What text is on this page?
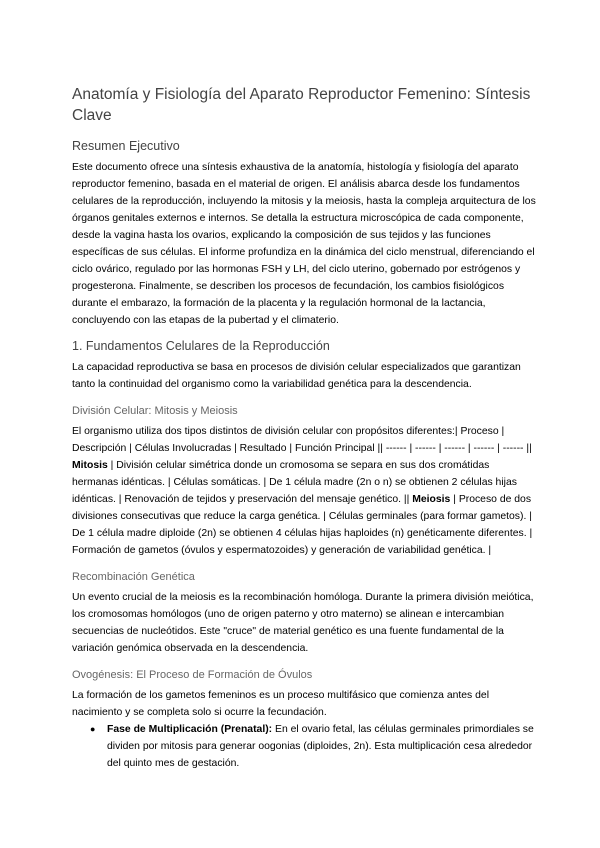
Anatomía y Fisiología del Aparato Reproductor Femenino: Síntesis Clave
Resumen Ejecutivo

Este documento ofrece una síntesis exhaustiva de la anatomía, histología y fisiología del aparato reproductor femenino, basada en el material de origen. El análisis abarca desde los fundamentos celulares de la reproducción, incluyendo la mitosis y la meiosis, hasta la compleja arquitectura de los órganos genitales externos e internos. Se detalla la estructura microscópica de cada componente, desde la vagina hasta los ovarios, explicando la composición de sus tejidos y las funciones específicas de sus células. El informe profundiza en la dinámica del ciclo menstrual, diferenciando el ciclo ovárico, regulado por las hormonas FSH y LH, del ciclo uterino, gobernado por estrógenos y progesterona. Finalmente, se describen los procesos de fecundación, los cambios fisiológicos durante el embarazo, la formación de la placenta y la regulación hormonal de la lactancia, concluyendo con las etapas de la pubertad y el climaterio.

1. Fundamentos Celulares de la Reproducción

La capacidad reproductiva se basa en procesos de división celular especializados que garantizan tanto la continuidad del organismo como la variabilidad genética para la descendencia.

División Celular: Mitosis y Meiosis

El organismo utiliza dos tipos distintos de división celular con propósitos diferentes:| Proceso | Descripción | Células Involucradas | Resultado | Función Principal || ------ | ------ | ------ | ------ | ------ || Mitosis | División celular simétrica donde un cromosoma se separa en sus dos cromátidas hermanas idénticas. | Células somáticas. | De 1 célula madre (2n o n) se obtienen 2 células hijas idénticas. | Renovación de tejidos y preservación del mensaje genético. || Meiosis | Proceso de dos divisiones consecutivas que reduce la carga genética. | Células germinales (para formar gametos). | De 1 célula madre diploide (2n) se obtienen 4 células hijas haploides (n) genéticamente diferentes. | Formación de gametos (óvulos y espermatozoides) y generación de variabilidad genética. |

Recombinación Genética

Un evento crucial de la meiosis es la recombinación homóloga. Durante la primera división meiótica, los cromosomas homólogos (uno de origen paterno y otro materno) se alinean e intercambian secuencias de nucleótidos. Este "cruce" de material genético es una fuente fundamental de la variación genómica observada en la descendencia.

Ovogénesis: El Proceso de Formación de Óvulos

La formación de los gametos femeninos es un proceso multifásico que comienza antes del nacimiento y se completa solo si ocurre la fecundación.

● Fase de Multiplicación (Prenatal): En el ovario fetal, las células germinales primordiales se dividen por mitosis para generar oogonias (diploides, 2n). Esta multiplicación cesa alrededor del quinto mes de gestación.
